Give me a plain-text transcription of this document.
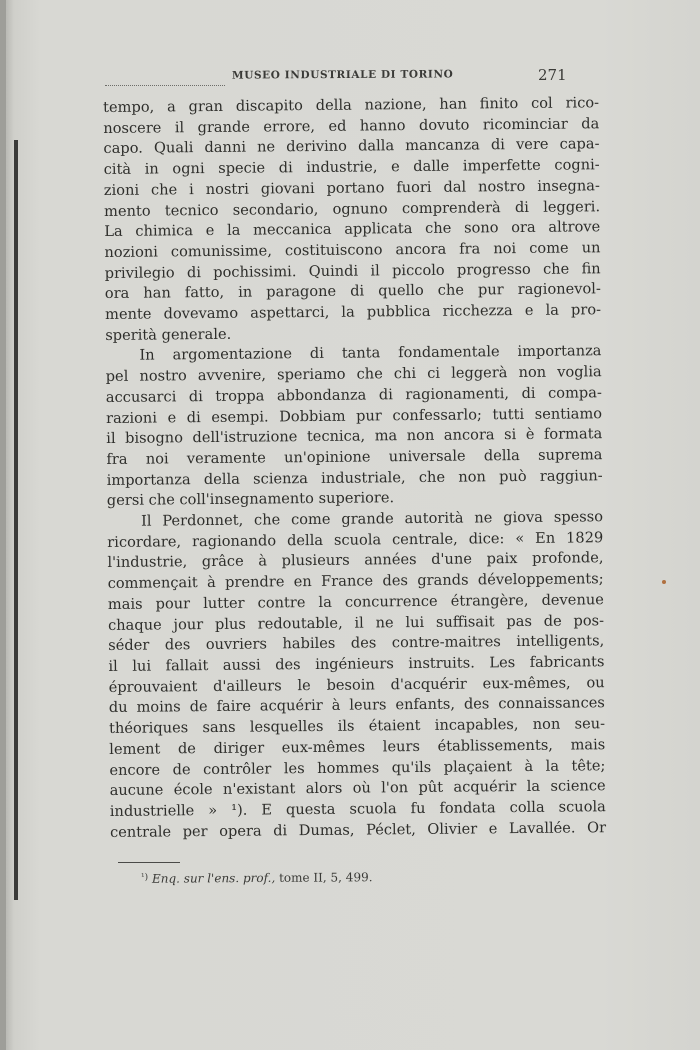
MUSEO INDUSTRIALE DI TORINO	271
tempo, a gran discapito della nazione, han finito col rico-
noscere il grande errore, ed hanno dovuto ricominciar da
capo. Quali danni ne derivino dalla mancanza di vere capa-
cità in ogni specie di industrie, e dalle imperfette cogni-
zioni che i nostri giovani portano fuori dal nostro insegna-
mento tecnico secondario, ognuno comprenderà di leggeri.
La chimica e la meccanica applicata che sono ora altrove
nozioni comunissime, costituiscono ancora fra noi come un
privilegio di pochissimi. Quindi il piccolo progresso che fin
ora han fatto, in paragone di quello che pur ragionevol-
mente dovevamo aspettarci, la pubblica ricchezza e la pro-
sperità generale.
In argomentazione di tanta fondamentale importanza
pel nostro avvenire, speriamo che chi ci leggerà non voglia
accusarci di troppa abbondanza di ragionamenti, di compa-
razioni e di esempi. Dobbiam pur confessarlo; tutti sentiamo
il bisogno dell'istruzione tecnica, ma non ancora si è formata
fra noi veramente un'opinione universale della suprema
importanza della scienza industriale, che non può raggiun-
gersi che coll'insegnamento superiore.
Il Perdonnet, che come grande autorità ne giova spesso
ricordare, ragionando della scuola centrale, dice: « En 1829
l'industrie, grâce à plusieurs années d'une paix profonde,
commençait à prendre en France des grands développements;
mais pour lutter contre la concurrence étrangère, devenue
chaque jour plus redoutable, il ne lui suffisait pas de pos-
séder des ouvriers habiles des contre-maitres intelligents,
il lui fallait aussi des ingénieurs instruits. Les fabricants
éprouvaient d'ailleurs le besoin d'acquérir eux-mêmes, ou
du moins de faire acquérir à leurs enfants, des connaissances
théoriques sans lesquelles ils étaient incapables, non seu-
lement de diriger eux-mêmes leurs établissements, mais
encore de contrôler les hommes qu'ils plaçaient à la tête;
aucune école n'existant alors où l'on pût acquérir la science
industrielle » ¹). E questa scuola fu fondata colla scuola
centrale per opera di Dumas, Péclet, Olivier e Lavallée. Or
$^{^1)}$ Enq. sur l'ens. prof., tome II, 5, 499.
